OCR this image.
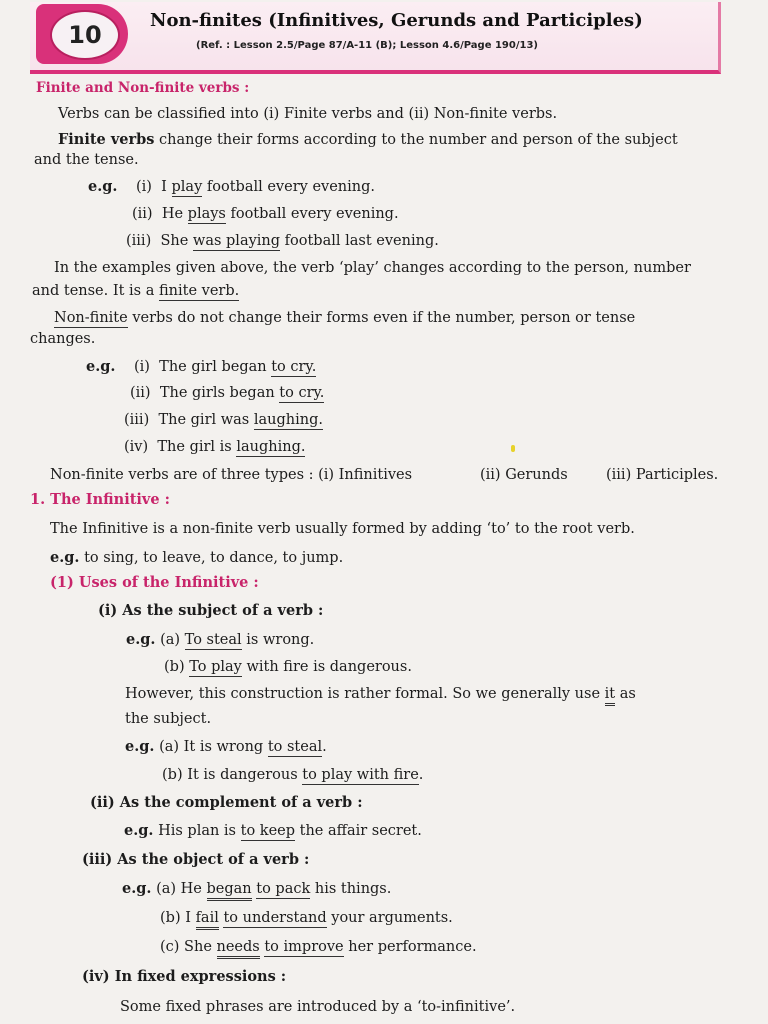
10
Non-finites (Infinitives, Gerunds and Participles)
(Ref. : Lesson 2.5/Page 87/A-11 (B); Lesson 4.6/Page 190/13)
Finite and Non-finite verbs :
Verbs can be classified into (i) Finite verbs and (ii) Non-finite verbs.
Finite verbs change their forms according to the number and person of the subject
and the tense.
e.g. (i) I play football every evening.
(ii) He plays football every evening.
(iii) She was playing football last evening.
In the examples given above, the verb ‘play’ changes according to the person, number
and tense. It is a finite verb.
Non-finite verbs do not change their forms even if the number, person or tense
changes.
e.g. (i) The girl began to cry.
(ii) The girls began to cry.
(iii) The girl was laughing.
(iv) The girl is laughing.
Non-finite verbs are of three types : (i) Infinitives	(ii) Gerunds	(iii) Participles.
1. The Infinitive :
The Infinitive is a non-finite verb usually formed by adding ‘to’ to the root verb.
e.g. to sing, to leave, to dance, to jump.
(1) Uses of the Infinitive :
(i) As the subject of a verb :
e.g. (a) To steal is wrong.
(b) To play with fire is dangerous.
However, this construction is rather formal. So we generally use it as
the subject.
e.g. (a) It is wrong to steal.
(b) It is dangerous to play with fire.
(ii) As the complement of a verb :
e.g. His plan is to keep the affair secret.
(iii) As the object of a verb :
e.g. (a) He began to pack his things.
(b) I fail to understand your arguments.
(c) She needs to improve her performance.
(iv) In fixed expressions :
Some fixed phrases are introduced by a ‘to-infinitive’.
